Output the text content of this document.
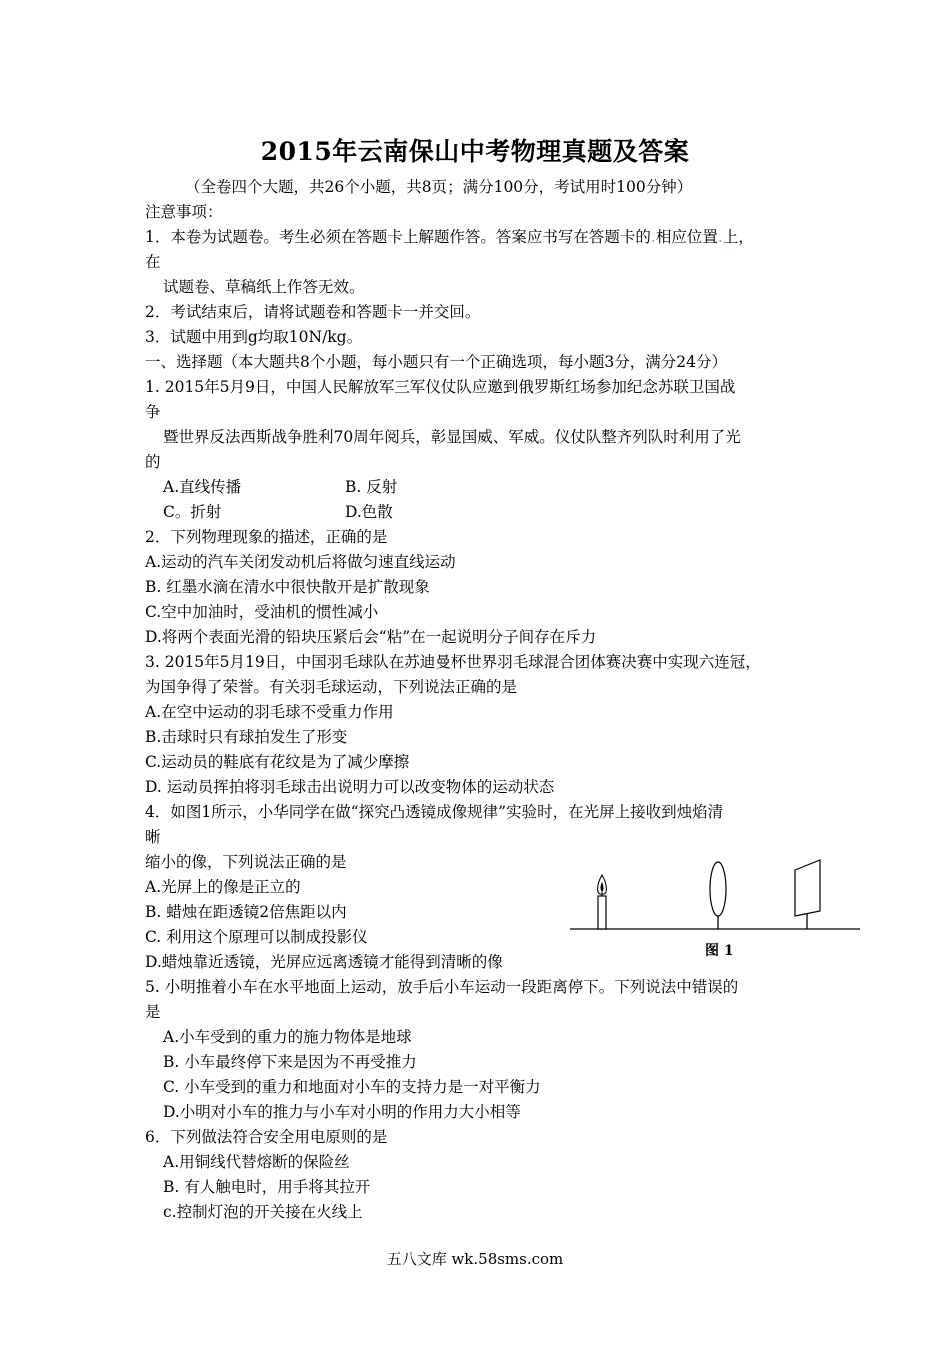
2015年云南保山中考物理真题及答案
（全卷四个大题，共26个小题，共8页；满分100分，考试用时100分钟）
注意事项：
1．本卷为试题卷。考生必须在答题卡上解题作答。答案应书写在答题卡的.相应位置.上，
在
试题卷、草稿纸上作答无效。
2．考试结束后，请将试题卷和答题卡一并交回。
3．试题中用到g均取10N/kg。
一、选择题（本大题共8个小题，每小题只有一个正确选项，每小题3分，满分24分）
1. 2015年5月9日，中国人民解放军三军仪仗队应邀到俄罗斯红场参加纪念苏联卫国战
争
暨世界反法西斯战争胜利70周年阅兵，彰显国威、军威。仪仗队整齐列队时利用了光
的
A.直线传播	B. 反射
C。折射	D.色散
2．下列物理现象的描述，正确的是
A.运动的汽车关闭发动机后将做匀速直线运动
B. 红墨水滴在清水中很快散开是扩散现象
C.空中加油时，受油机的惯性减小
D.将两个表面光滑的铅块压紧后会“粘”在一起说明分子间存在斥力
3. 2015年5月19日，中国羽毛球队在苏迪曼杯世界羽毛球混合团体赛决赛中实现六连冠，
为国争得了荣誉。有关羽毛球运动，下列说法正确的是
A.在空中运动的羽毛球不受重力作用
B.击球时只有球拍发生了形变
C.运动员的鞋底有花纹是为了减少摩擦
D. 运动员挥拍将羽毛球击出说明力可以改变物体的运动状态
4．如图1所示，小华同学在做“探究凸透镜成像规律”实验时，在光屏上接收到烛焰清
晰
缩小的像，下列说法正确的是
A.光屏上的像是正立的
B. 蜡烛在距透镜2倍焦距以内
C. 利用这个原理可以制成投影仪
D.蜡烛靠近透镜，光屏应远离透镜才能得到清晰的像
图 1
5. 小明推着小车在水平地面上运动，放手后小车运动一段距离停下。下列说法中错误的
是
A.小车受到的重力的施力物体是地球
B. 小车最终停下来是因为不再受推力
C. 小车受到的重力和地面对小车的支持力是一对平衡力
D.小明对小车的推力与小车对小明的作用力大小相等
6．下列做法符合安全用电原则的是
A.用铜线代替熔断的保险丝
B. 有人触电时，用手将其拉开
c.控制灯泡的开关接在火线上
五八文库 wk.58sms.com
